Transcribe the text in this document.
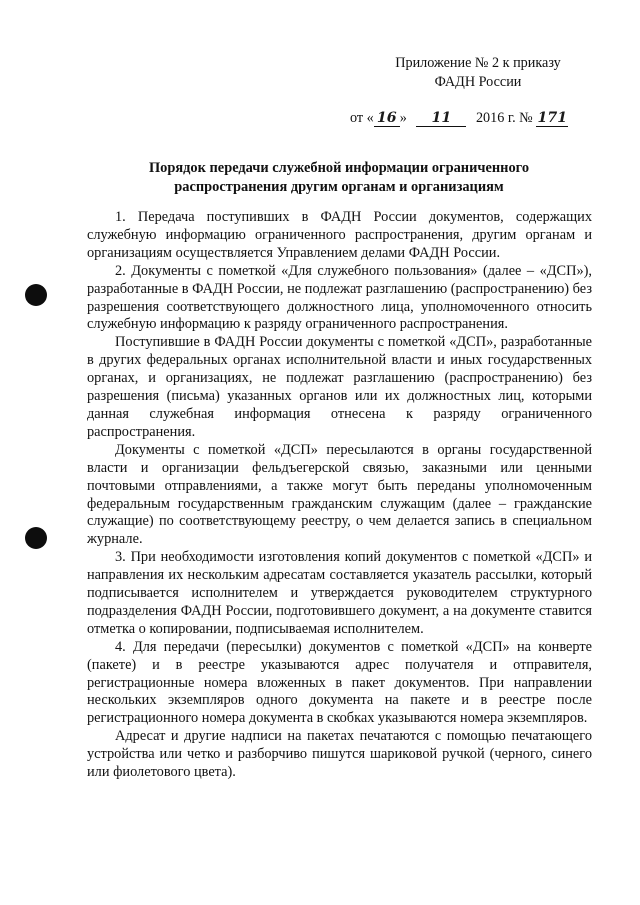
Приложение № 2 к приказу
ФАДН России
от « 16 » 11 2016 г. № 171
Порядок передачи служебной информации ограниченного
распространения другим органам и организациям

1. Передача поступивших в ФАДН России документов, содержащих служебную информацию ограниченного распространения, другим органам и организациям осуществляется Управлением делами ФАДН России.

2. Документы с пометкой «Для служебного пользования» (далее – «ДСП»), разработанные в ФАДН России, не подлежат разглашению (распространению) без разрешения соответствующего должностного лица, уполномоченного относить служебную информацию к разряду ограниченного распространения.

Поступившие в ФАДН России документы с пометкой «ДСП», разработанные в других федеральных органах исполнительной власти и иных государственных органах, и организациях, не подлежат разглашению (распространению) без разрешения (письма) указанных органов или их должностных лиц, которыми данная служебная информация отнесена к разряду ограниченного распространения.

Документы с пометкой «ДСП» пересылаются в органы государственной власти и организации фельдъегерской связью, заказными или ценными почтовыми отправлениями, а также могут быть переданы уполномоченным федеральным государственным гражданским служащим (далее – гражданские служащие) по соответствующему реестру, о чем делается запись в специальном журнале.

3. При необходимости изготовления копий документов с пометкой «ДСП» и направления их нескольким адресатам составляется указатель рассылки, который подписывается исполнителем и утверждается руководителем структурного подразделения ФАДН России, подготовившего документ, а на документе ставится отметка о копировании, подписываемая исполнителем.

4. Для передачи (пересылки) документов с пометкой «ДСП» на конверте (пакете) и в реестре указываются адрес получателя и отправителя, регистрационные номера вложенных в пакет документов. При направлении нескольких экземпляров одного документа на пакете и в реестре после регистрационного номера документа в скобках указываются номера экземпляров.

Адресат и другие надписи на пакетах печатаются с помощью печатающего устройства или четко и разборчиво пишутся шариковой ручкой (черного, синего или фиолетового цвета).
